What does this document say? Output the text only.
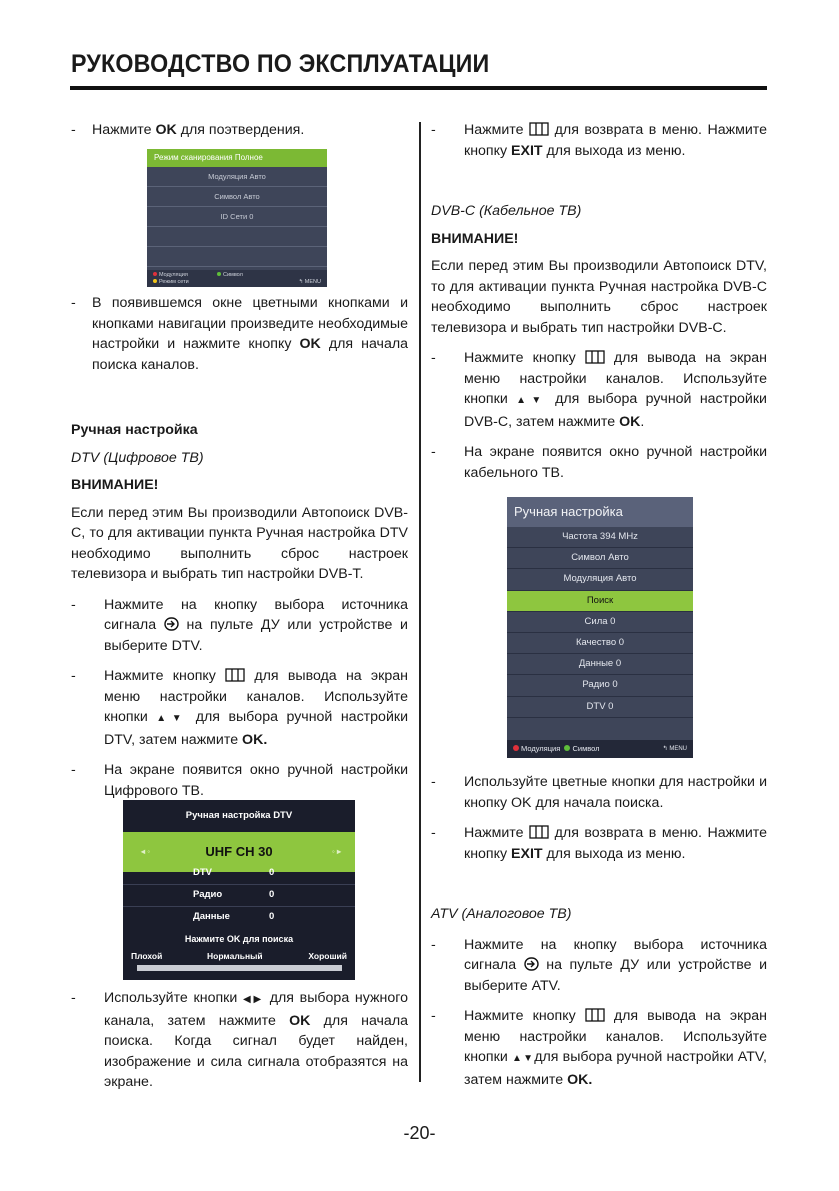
РУКОВОДСТВО ПО ЭКСПЛУАТАЦИИ
-	Нажмите OK для поэтвердения.
Режим сканирования Полное
Модуляция Авто
Символ Авто
ID Сети 0
Модуляция
Режим сети
Символ
↰ MENU
-	В появившемся окне цветными кнопками и кнопками навигации произведите необходимые настройки и нажмите кнопку OK для начала поиска каналов.

Ручная настройка

DTV (Цифровое ТВ)

ВНИМАНИЕ!

Если перед этим Вы производили Автопоиск DVB-C, то для активации пункта Ручная настройка DTV необходимо выполнить сброс настроек телевизора и выбрать тип настройки DVB-T.

-	Нажмите на кнопку выбора источника сигнала на пульте ДУ или устройстве и выберите DTV.
-	Нажмите кнопку	для вывода на экран меню настройки каналов. Используйте кнопки ▲▼ для выбора ручной настройки DTV, затем нажмите OK.
-	На экране появится окно ручной настройки Цифрового ТВ.
Ручная настройка DTV
◂ ◦	UHF CH 30	◦ ▸
DTV	0
Радио	0
Данные	0
Нажмите OK для поиска
Плохой	Нормальный	Хороший
-	Используйте кнопки ◀▶ для выбора нужного канала, затем нажмите OK для начала поиска. Когда сигнал будет найден, изображение и сила сигнала отобразятся на экране.
-	Нажмите для возврата в меню. Нажмите кнопку EXIT для выхода из меню.

DVB-C (Кабельное ТВ)

ВНИМАНИЕ!

Если перед этим Вы производили Автопоиск DTV, то для активации пункта Ручная настройка DVB-C необходимо выполнить сброс настроек телевизора и выбрать тип настройки DVB-C.

-	Нажмите кнопку	для вывода на экран меню настройки каналов. Используйте кнопки ▲▼ для выбора ручной настройки DVB-C, затем нажмите OK.
-	На экране появится окно ручной настройки кабельного ТВ.
Ручная настройка
Частота 394 MHz
Символ Авто
Модуляция Авто
Поиск
Сила 0
Качество 0
Данные 0
Радио 0
DTV 0
Модуляция Символ	↰ MENU
-	Используйте цветные кнопки для настройки и кнопку OK для начала поиска.
-	Нажмите для возврата в меню. Нажмите кнопку EXIT для выхода из меню.

ATV (Аналоговое ТВ)

-	Нажмите на кнопку выбора источника сигнала на пульте ДУ или устройстве и выберите ATV.
-	Нажмите кнопку	для вывода на экран меню настройки каналов. Используйте кнопки ▲▼для выбора ручной настройки ATV, затем нажмите OK.
-20-
